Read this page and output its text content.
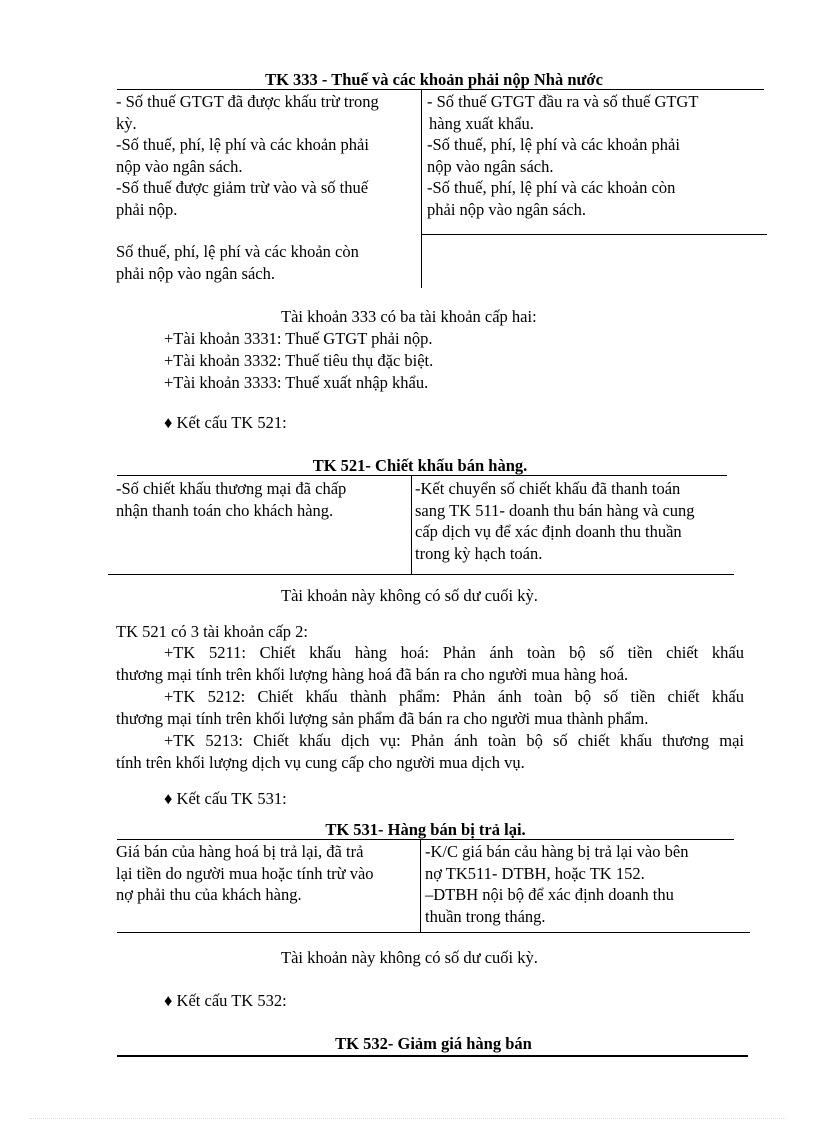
TK 333 - Thuế và các khoản phải nộp Nhà nước
- Số thuế GTGT đã được khấu trừ trong
kỳ.
-Số thuế, phí, lệ phí và các khoản phải
nộp vào ngân sách.
-Số thuế được giảm trừ vào và số thuế
phải nộp.
- Số thuế GTGT đầu ra và số thuế GTGT
hàng xuất khẩu.
-Số thuế, phí, lệ phí và các khoản phải
nộp vào ngân sách.
-Số thuế, phí, lệ phí và các khoản còn
phải nộp vào ngân sách.
Số thuế, phí, lệ phí và các khoản còn
phải nộp vào ngân sách.
Tài khoản 333 có ba tài khoản cấp hai:
+Tài khoản 3331: Thuế GTGT phải nộp.
+Tài khoản 3332: Thuế tiêu thụ đặc biệt.
+Tài khoản 3333: Thuế xuất nhập khẩu.
♦ Kết cấu TK 521:
TK 521- Chiết khấu bán hàng.
-Số chiết khấu thương mại đã chấp
nhận thanh toán cho khách hàng.
-Kết chuyển số chiết khấu đã thanh toán
sang TK 511- doanh thu bán hàng và cung
cấp dịch vụ để xác định doanh thu thuần
trong kỳ hạch toán.
Tài khoản này không có số dư cuối kỳ.
TK 521 có 3 tài khoản cấp 2:
+TK 5211: Chiết khấu hàng hoá: Phản ánh toàn bộ số tiền chiết khấu
thương mại tính trên khối lượng hàng hoá đã bán ra cho người mua hàng hoá.
+TK 5212: Chiết khấu thành phẩm: Phản ánh toàn bộ số tiền chiết khấu
thương mại tính trên khối lượng sản phẩm đã bán ra cho người mua thành phẩm.
+TK 5213: Chiết khấu dịch vụ: Phản ánh toàn bộ số chiết khấu thương mại
tính trên khối lượng dịch vụ cung cấp cho người mua dịch vụ.
♦ Kết cấu TK 531:
TK 531- Hàng bán bị trả lại.
Giá bán của hàng hoá bị trả lại, đã trả
lại tiền do người mua hoặc tính trừ vào
nợ phải thu của khách hàng.
-K/C giá bán cảu hàng bị trả lại vào bên
nợ TK511- DTBH, hoặc TK 152.
–DTBH nội bộ để xác định doanh thu
thuần trong tháng.
Tài khoản này không có số dư cuối kỳ.
♦ Kết cấu TK 532:
TK 532- Giảm giá hàng bán
